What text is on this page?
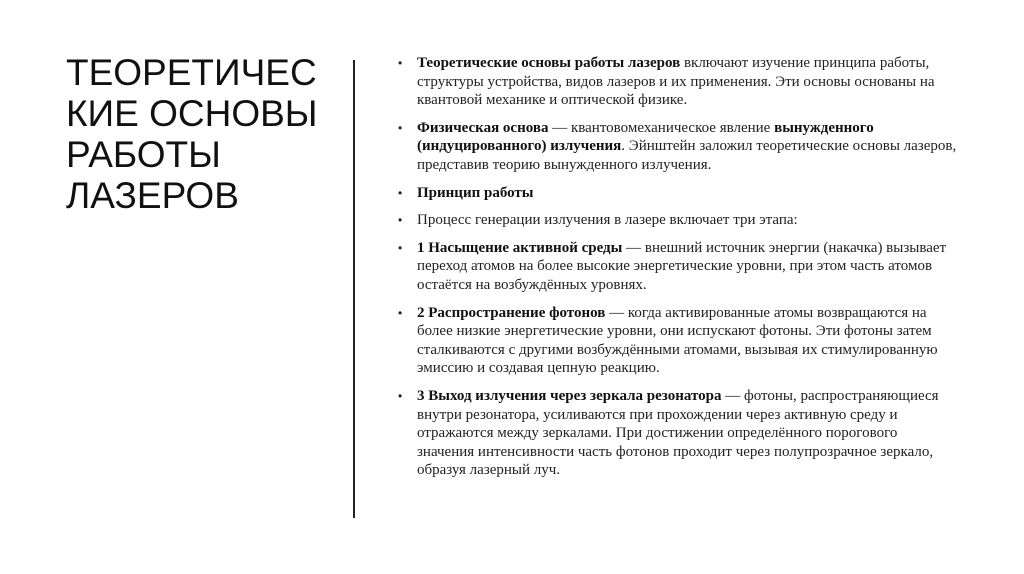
ТЕОРЕТИЧЕС
КИЕ ОСНОВЫ
РАБОТЫ
ЛАЗЕРОВ
• Теоретические основы работы лазеров включают изучение принципа работы, структуры устройства, видов лазеров и их применения. Эти основы основаны на квантовой механике и оптической физике.
• Физическая основа — квантовомеханическое явление вынужденного (индуцированного) излучения. Эйнштейн заложил теоретические основы лазеров, представив теорию вынужденного излучения.
• Принцип работы
• Процесс генерации излучения в лазере включает три этапа:
• 1 Насыщение активной среды — внешний источник энергии (накачка) вызывает переход атомов на более высокие энергетические уровни, при этом часть атомов остаётся на возбуждённых уровнях.
• 2 Распространение фотонов — когда активированные атомы возвращаются на более низкие энергетические уровни, они испускают фотоны. Эти фотоны затем сталкиваются с другими возбуждёнными атомами, вызывая их стимулированную эмиссию и создавая цепную реакцию.
• 3 Выход излучения через зеркала резонатора — фотоны, распространяющиеся внутри резонатора, усиливаются при прохождении через активную среду и отражаются между зеркалами. При достижении определённого порогового значения интенсивности часть фотонов проходит через полупрозрачное зеркало, образуя лазерный луч.
